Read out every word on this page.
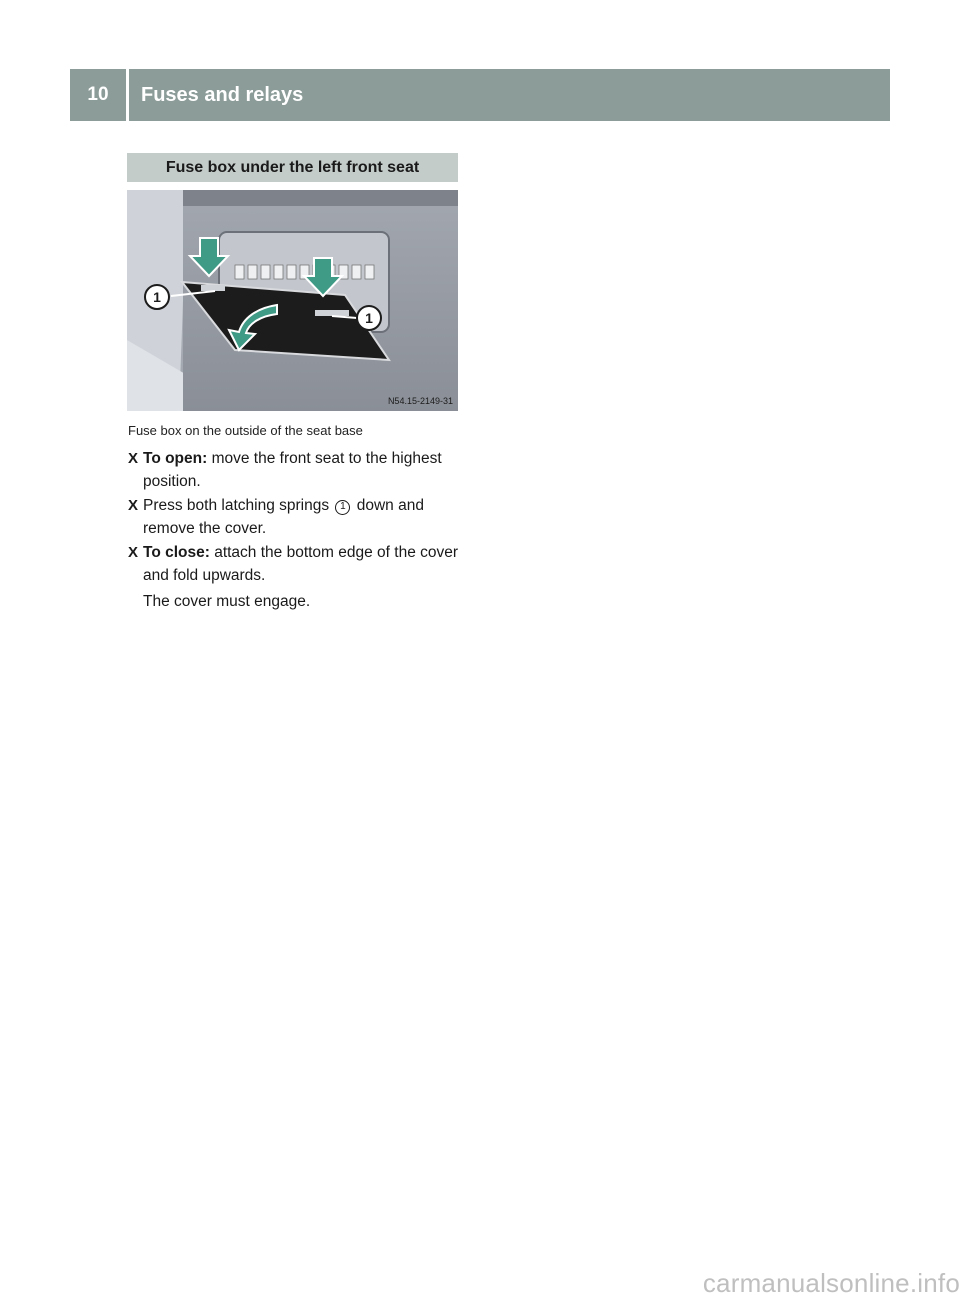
10	Fuses and relays
Fuse box under the left front seat
1
1
N54.15-2149-31
Fuse box on the outside of the seat base
X To open: move the front seat to the highest position.
X Press both latching springs 1 down and remove the cover.
X To close: attach the bottom edge of the cover and fold upwards.
The cover must engage.
carmanualsonline.info
